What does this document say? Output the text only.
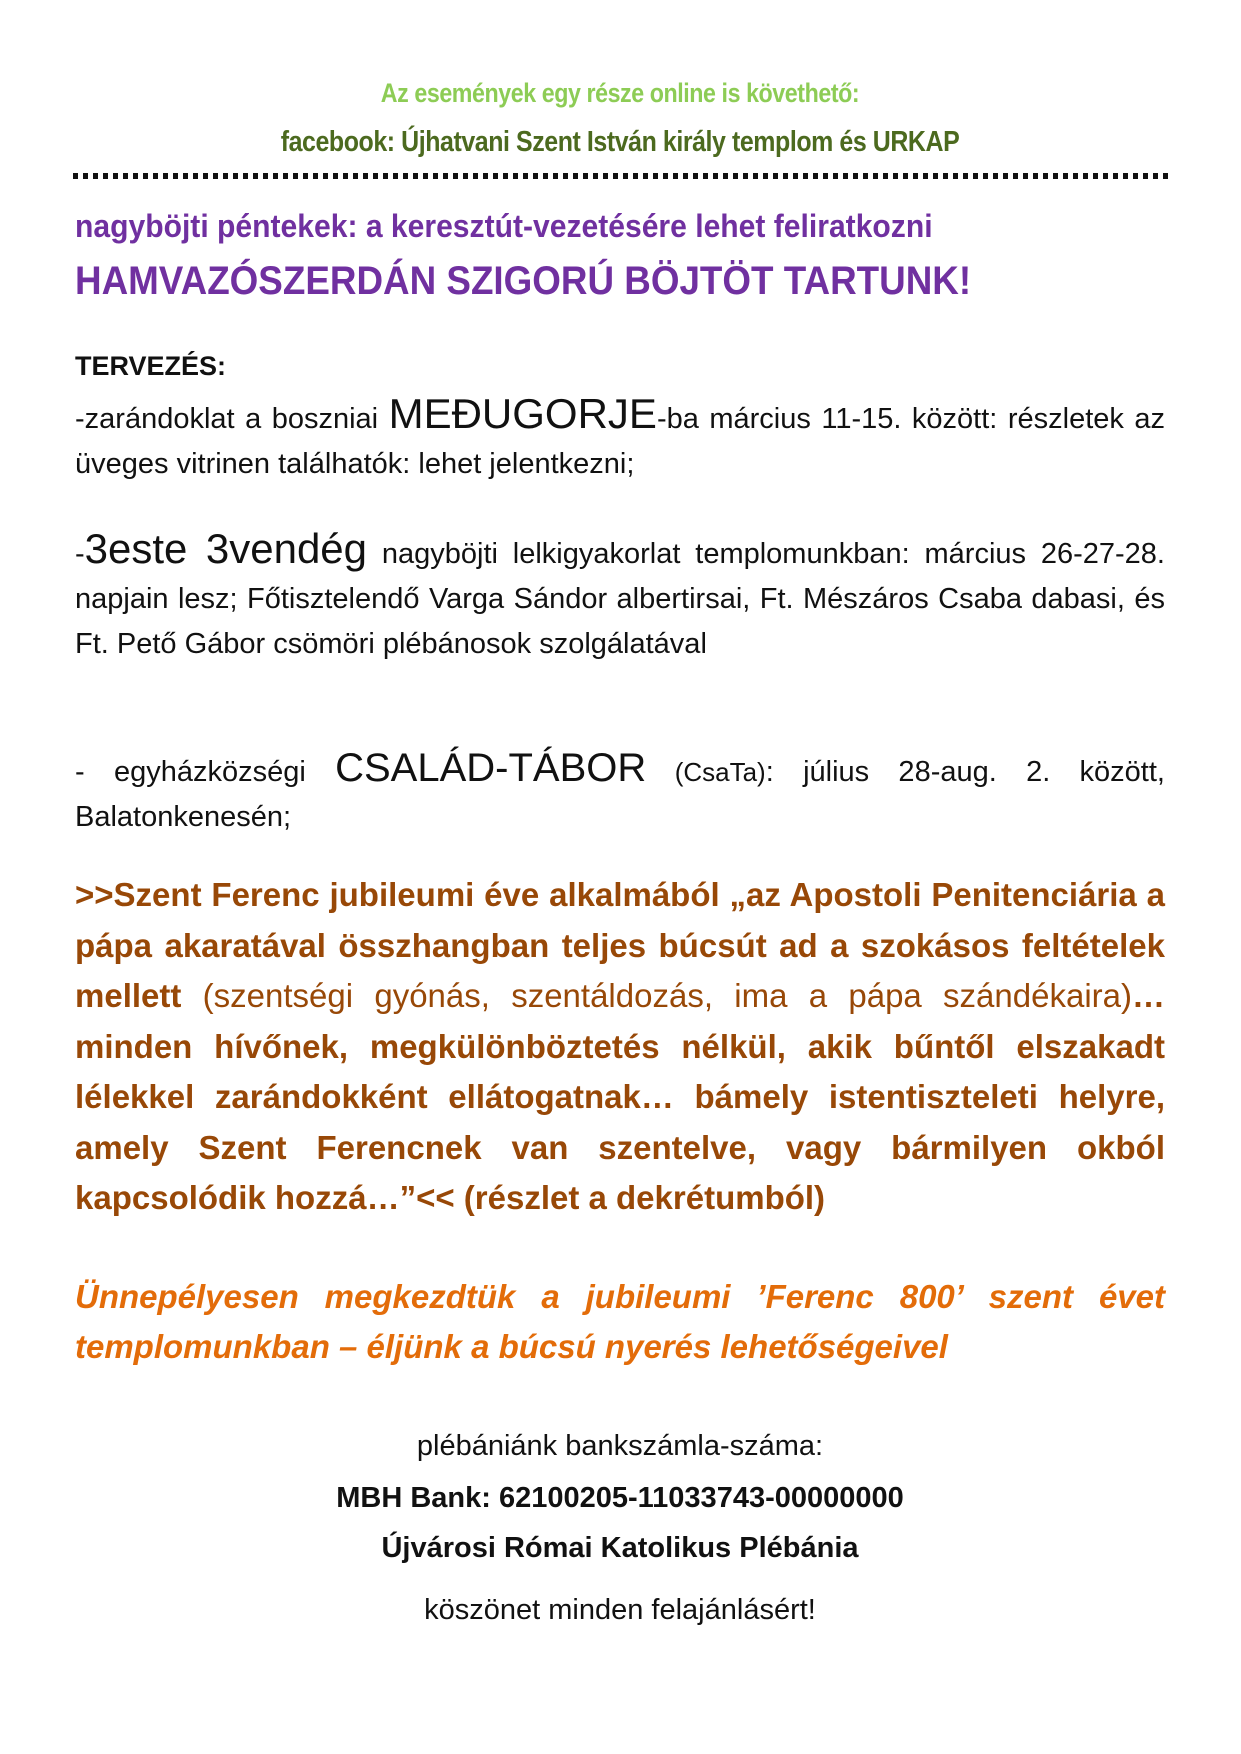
Az események egy része online is követhető:
facebook: Újhatvani Szent István király templom és URKAP
nagyböjti péntekek: a keresztút-vezetésére lehet feliratkozni
HAMVAZÓSZERDÁN SZIGORÚ BÖJTÖT TARTUNK!
TERVEZÉS:
-zarándoklat a boszniai MEĐUGORJE-ba március 11-15. között: részletek az üveges vitrinen találhatók: lehet jelentkezni;
-3este 3vendég nagyböjti lelkigyakorlat templomunkban: március 26-27-28. napjain lesz; Főtisztelendő Varga Sándor albertirsai, Ft. Mészáros Csaba dabasi, és Ft. Pető Gábor csömöri plébánosok szolgálatával
- egyházközségi CSALÁD-TÁBOR (CsaTa): július 28-aug. 2. között, Balatonkenesén;
>>Szent Ferenc jubileumi éve alkalmából „az Apostoli Penitenciária a pápa akaratával összhangban teljes búcsút ad a szokásos feltételek mellett (szentségi gyónás, szentáldozás, ima a pápa szándékaira)… minden hívőnek, megkülönböztetés nélkül, akik bűntől elszakadt lélekkel zarándokként ellátogatnak… bámely istentiszteleti helyre, amely Szent Ferencnek van szentelve, vagy bármilyen okból kapcsolódik hozzá…”<< (részlet a dekrétumból)
Ünnepélyesen megkezdtük a jubileumi ’Ferenc 800’ szent évet templomunkban – éljünk a búcsú nyerés lehetőségeivel
plébániánk bankszámla-száma:
MBH Bank: 62100205-11033743-00000000
Újvárosi Római Katolikus Plébánia
köszönet minden felajánlásért!
